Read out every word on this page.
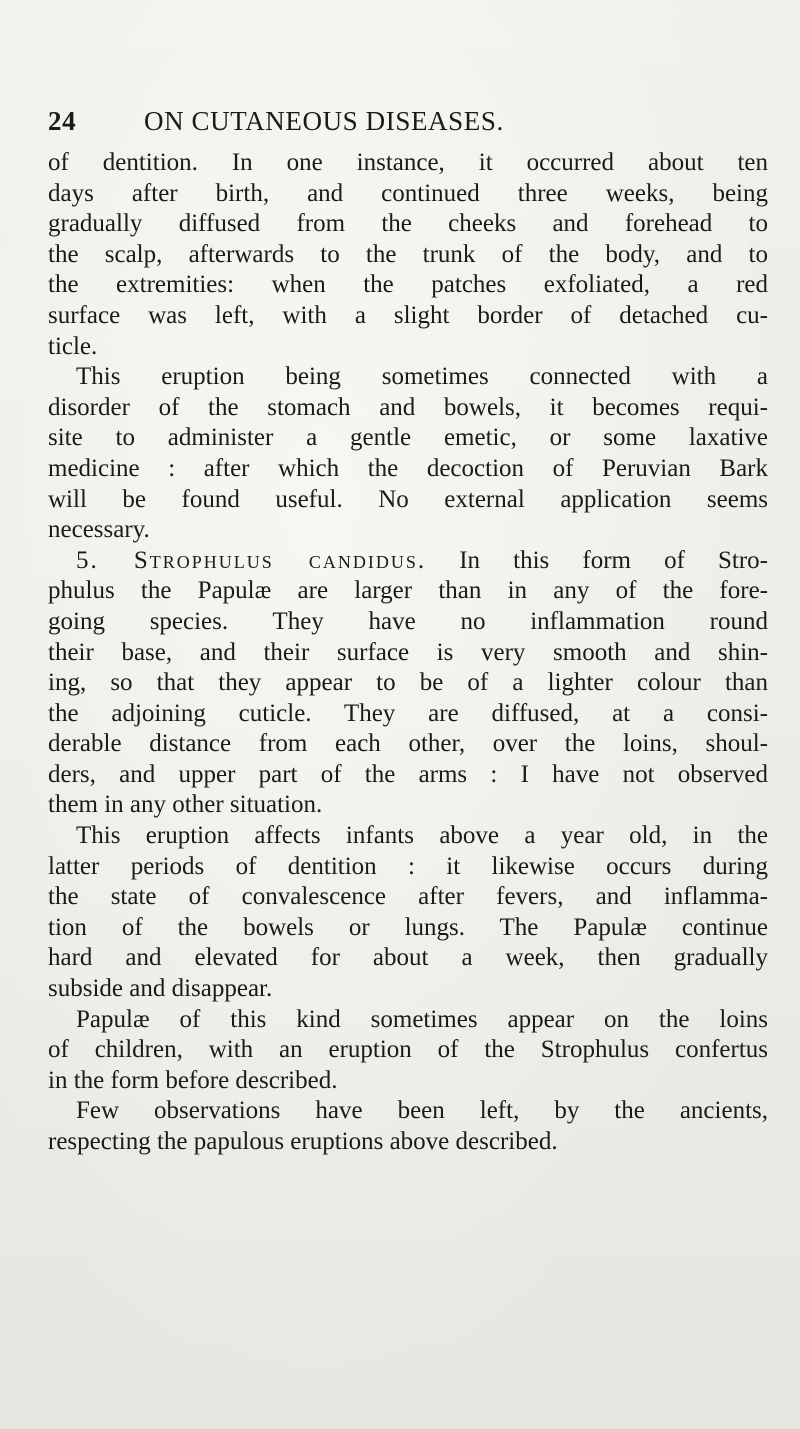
24	ON CUTANEOUS DISEASES.
of dentition. In one instance, it occurred about ten
days after birth, and continued three weeks, being
gradually diffused from the cheeks and forehead to
the scalp, afterwards to the trunk of the body, and to
the extremities: when the patches exfoliated, a red
surface was left, with a slight border of detached cu-
ticle.
This eruption being sometimes connected with a
disorder of the stomach and bowels, it becomes requi-
site to administer a gentle emetic, or some laxative
medicine : after which the decoction of Peruvian Bark
will be found useful. No external application seems
necessary.
5. Strophulus candidus. In this form of Stro-
phulus the Papulæ are larger than in any of the fore-
going species. They have no inflammation round
their base, and their surface is very smooth and shin-
ing, so that they appear to be of a lighter colour than
the adjoining cuticle. They are diffused, at a consi-
derable distance from each other, over the loins, shoul-
ders, and upper part of the arms : I have not observed
them in any other situation.
This eruption affects infants above a year old, in the
latter periods of dentition : it likewise occurs during
the state of convalescence after fevers, and inflamma-
tion of the bowels or lungs. The Papulæ continue
hard and elevated for about a week, then gradually
subside and disappear.
Papulæ of this kind sometimes appear on the loins
of children, with an eruption of the Strophulus confertus
in the form before described.
Few observations have been left, by the ancients,
respecting the papulous eruptions above described.
